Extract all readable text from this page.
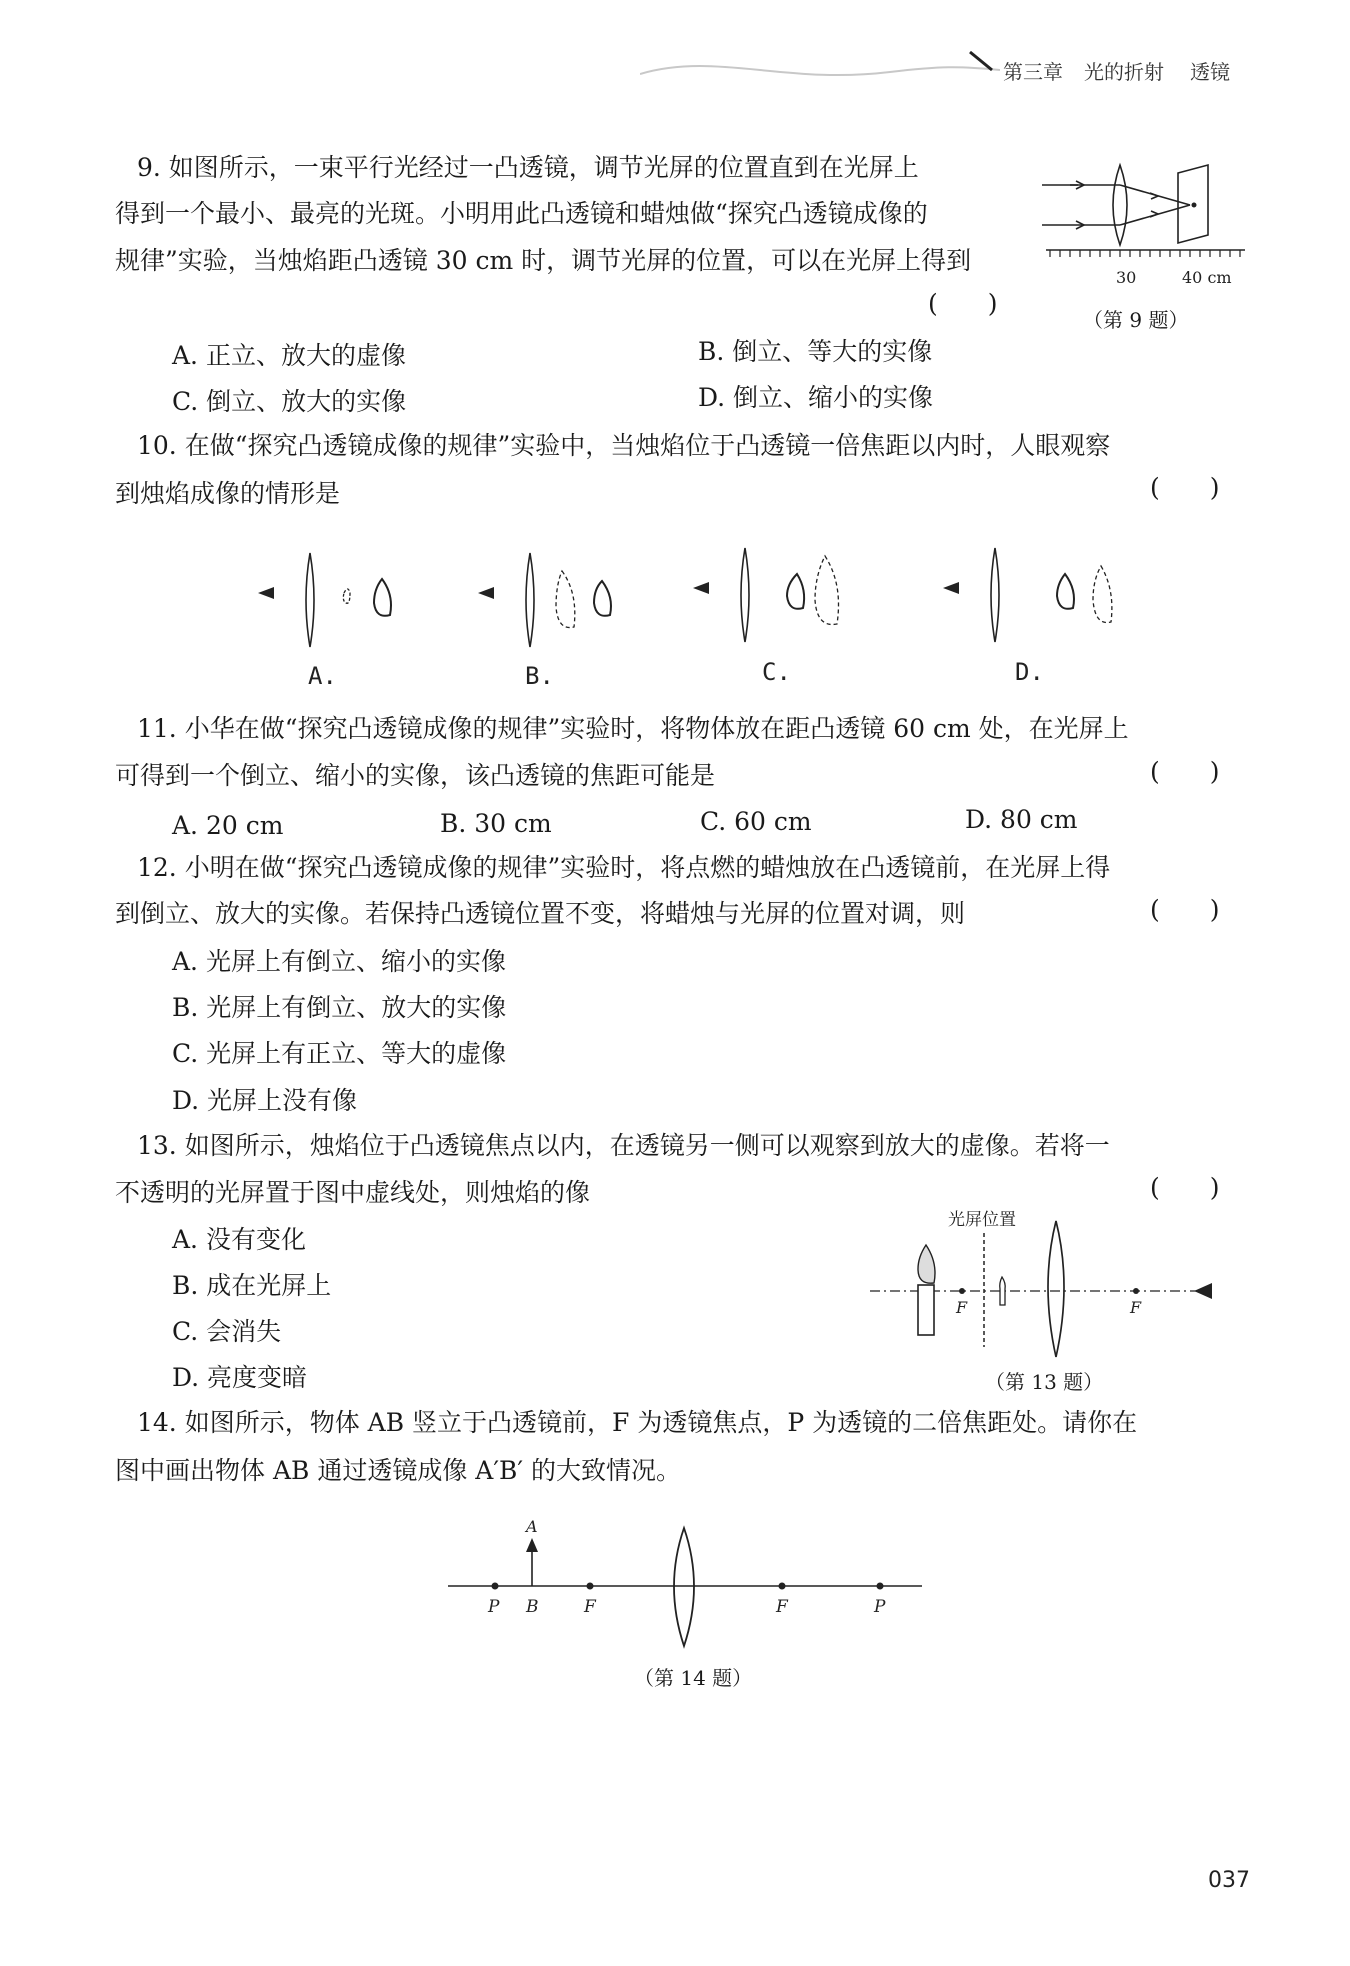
第三章 光的折射 透镜
9. 如图所示，一束平行光经过一凸透镜，调节光屏的位置直到在光屏上
得到一个最小、最亮的光斑。小明用此凸透镜和蜡烛做“探究凸透镜成像的
规律”实验，当烛焰距凸透镜 30 cm 时，调节光屏的位置，可以在光屏上得到
(　　)
A. 正立、放大的虚像	B. 倒立、等大的实像
C. 倒立、放大的实像	D. 倒立、缩小的实像
30	40 cm
（第 9 题）
10. 在做“探究凸透镜成像的规律”实验中，当烛焰位于凸透镜一倍焦距以内时，人眼观察
到烛焰成像的情形是	(　　)
A.	B.	C.	D.
11. 小华在做“探究凸透镜成像的规律”实验时，将物体放在距凸透镜 60 cm 处，在光屏上
可得到一个倒立、缩小的实像，该凸透镜的焦距可能是	(　　)
A. 20 cm	B. 30 cm	C. 60 cm	D. 80 cm
12. 小明在做“探究凸透镜成像的规律”实验时，将点燃的蜡烛放在凸透镜前，在光屏上得
到倒立、放大的实像。若保持凸透镜位置不变，将蜡烛与光屏的位置对调，则	(　　)
A. 光屏上有倒立、缩小的实像
B. 光屏上有倒立、放大的实像
C. 光屏上有正立、等大的虚像
D. 光屏上没有像
13. 如图所示，烛焰位于凸透镜焦点以内，在透镜另一侧可以观察到放大的虚像。若将一
不透明的光屏置于图中虚线处，则烛焰的像	(　　)
A. 没有变化
B. 成在光屏上
C. 会消失
D. 亮度变暗
光屏位置
F	F
（第 13 题）
14. 如图所示，物体 AB 竖立于凸透镜前，F 为透镜焦点，P 为透镜的二倍焦距处。请你在
图中画出物体 AB 通过透镜成像 A′B′ 的大致情况。
A
P B	F	F	P
（第 14 题）
037
